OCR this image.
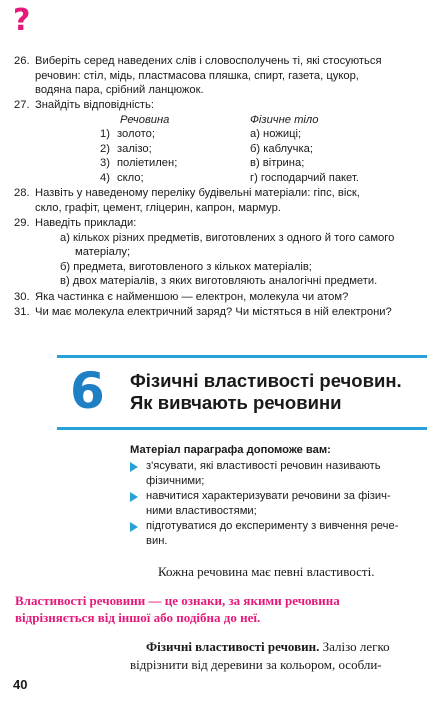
?
26. Виберіть серед наведених слів і словосполучень ті, які стосуються
речовин: стіл, мідь, пластмасова пляшка, спирт, газета, цукор,
водяна пара, срібний ланцюжок.
27. Знайдіть відповідність:
Речовина	Фізичне тіло
1) золото;	а) ножиці;
2) залізо;	б) каблучка;
3) поліетилен;	в) вітрина;
4) скло;	г) господарчий пакет.
28. Назвіть у наведеному переліку будівельні матеріали: гіпс, віск,
скло, графіт, цемент, гліцерин, капрон, мармур.
29. Наведіть приклади:
а) кількох різних предметів, виготовлених з одного й того самого
матеріалу;
б) предмета, виготовленого з кількох матеріалів;
в) двох матеріалів, з яких виготовляють аналогічні предмети.
30. Яка частинка є найменшою — електрон, молекула чи атом?
31. Чи має молекула електричний заряд? Чи містяться в ній електрони?
6 Фізичні властивості речовин.
Як вивчають речовини
Матеріал параграфа допоможе вам:
з'ясувати, які властивості речовин називають
фізичними;
навчитися характеризувати речовини за фізич-
ними властивостями;
підготуватися до експерименту з вивчення рече-
вин.
Кожна речовина має певні властивості.
Властивості речовини — це ознаки, за якими речовина
відрізняється від іншої або подібна до неї.
Фізичні властивості речовин. Залізо легко
відрізнити від деревини за кольором, особли-
40
